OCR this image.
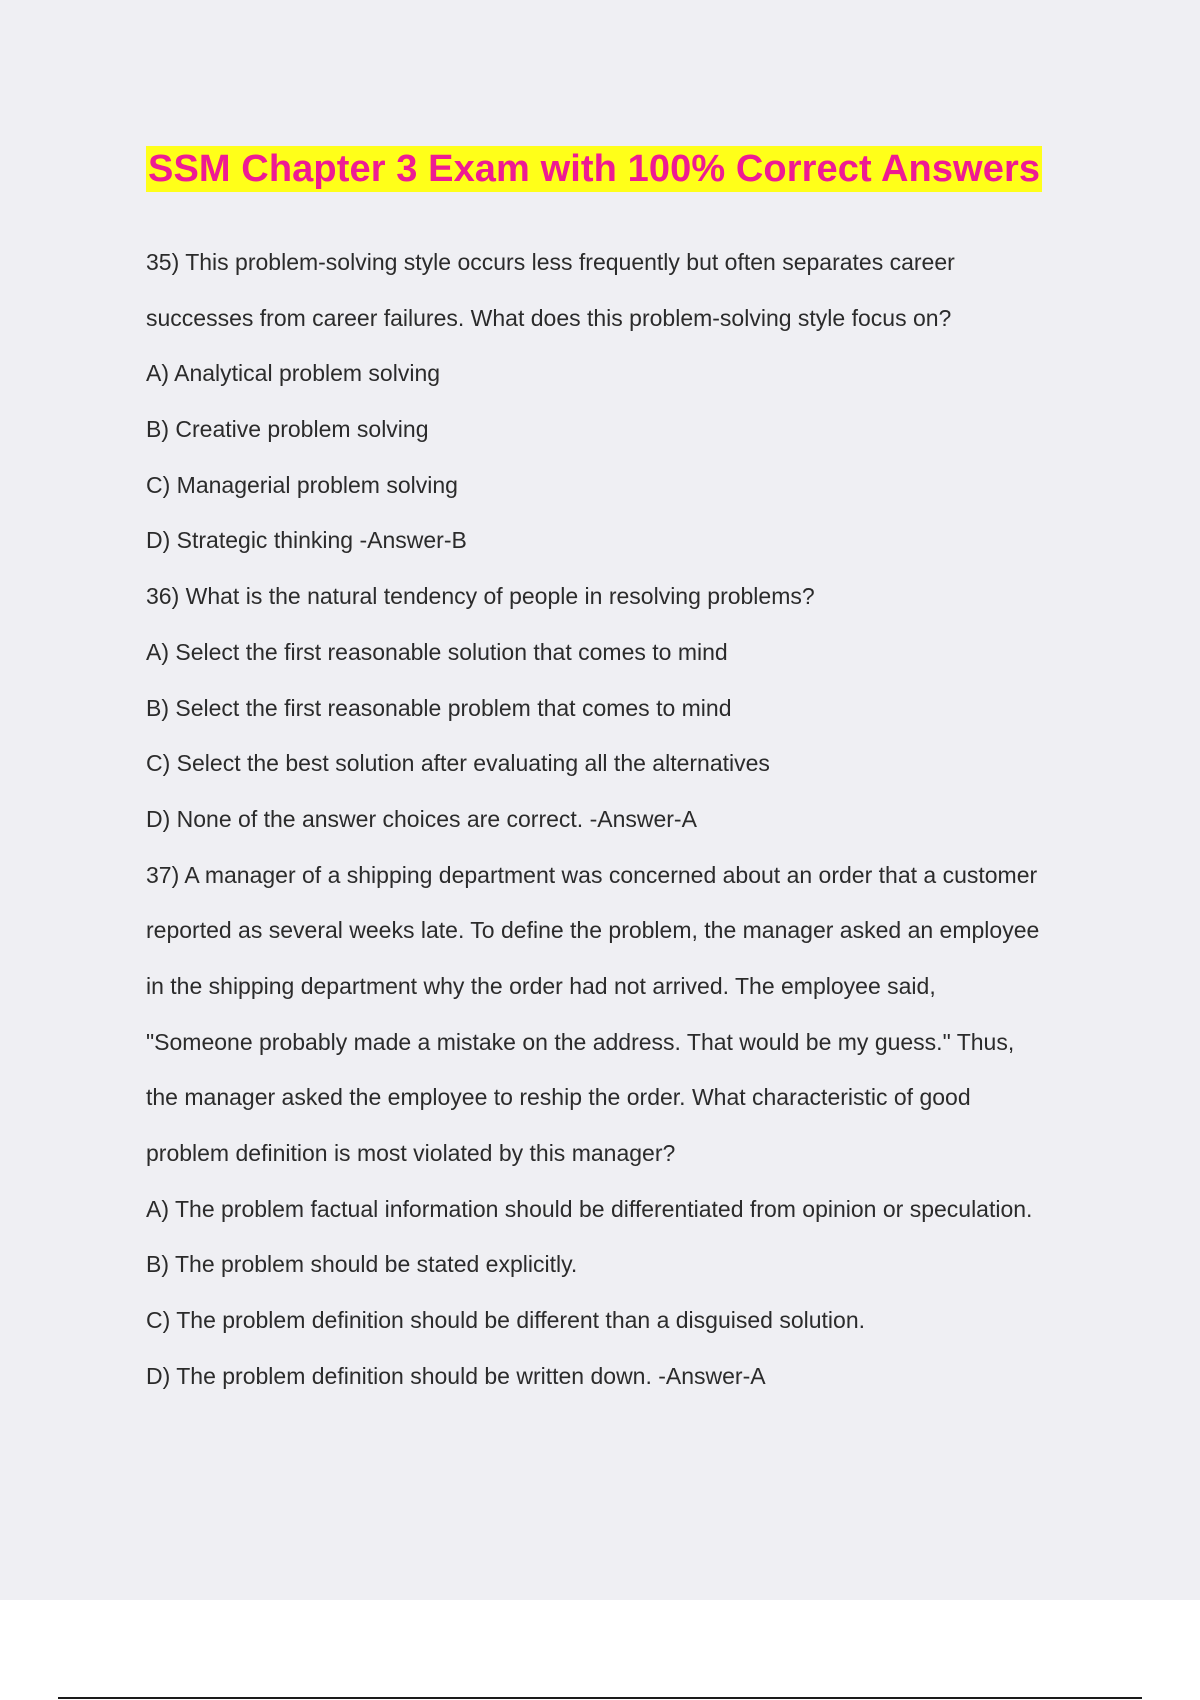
SSM Chapter 3 Exam with 100% Correct Answers
35) This problem-solving style occurs less frequently but often separates career
successes from career failures. What does this problem-solving style focus on?
A) Analytical problem solving
B) Creative problem solving
C) Managerial problem solving
D) Strategic thinking -Answer-B
36) What is the natural tendency of people in resolving problems?
A) Select the first reasonable solution that comes to mind
B) Select the first reasonable problem that comes to mind
C) Select the best solution after evaluating all the alternatives
D) None of the answer choices are correct. -Answer-A
37) A manager of a shipping department was concerned about an order that a customer
reported as several weeks late. To define the problem, the manager asked an employee
in the shipping department why the order had not arrived. The employee said,
"Someone probably made a mistake on the address. That would be my guess." Thus,
the manager asked the employee to reship the order. What characteristic of good
problem definition is most violated by this manager?
A) The problem factual information should be differentiated from opinion or speculation.
B) The problem should be stated explicitly.
C) The problem definition should be different than a disguised solution.
D) The problem definition should be written down. -Answer-A
